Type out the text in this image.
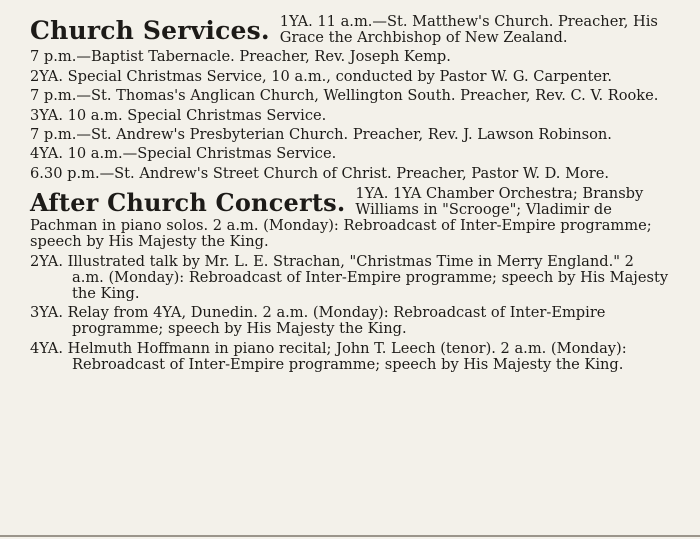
Church Services. 1YA. 11 a.m.—St. Matthew's Church. Preacher, His Grace the Archbishop of New Zealand.

7 p.m.—Baptist Tabernacle. Preacher, Rev. Joseph Kemp.

2YA. Special Christmas Service, 10 a.m., conducted by Pastor W. G. Carpenter.

7 p.m.—St. Thomas's Anglican Church, Wellington South. Preacher, Rev. C. V. Rooke.

3YA. 10 a.m. Special Christmas Service.

7 p.m.—St. Andrew's Presbyterian Church. Preacher, Rev. J. Lawson Robinson.

4YA. 10 a.m.—Special Christmas Service.

6.30 p.m.—St. Andrew's Street Church of Christ. Preacher, Pastor W. D. More.

After Church Concerts. 1YA. 1YA Chamber Orchestra; Bransby Williams in "Scrooge"; Vladimir de Pachman in piano solos. 2 a.m. (Monday): Rebroadcast of Inter-Empire programme; speech by His Majesty the King.

2YA. Illustrated talk by Mr. L. E. Strachan, "Christmas Time in Merry England." 2 a.m. (Monday): Rebroadcast of Inter-Empire programme; speech by His Majesty the King.

3YA. Relay from 4YA, Dunedin. 2 a.m. (Monday): Rebroadcast of Inter-Empire programme; speech by His Majesty the King.

4YA. Helmuth Hoffmann in piano recital; John T. Leech (tenor). 2 a.m. (Monday): Rebroadcast of Inter-Empire programme; speech by His Majesty the King.
